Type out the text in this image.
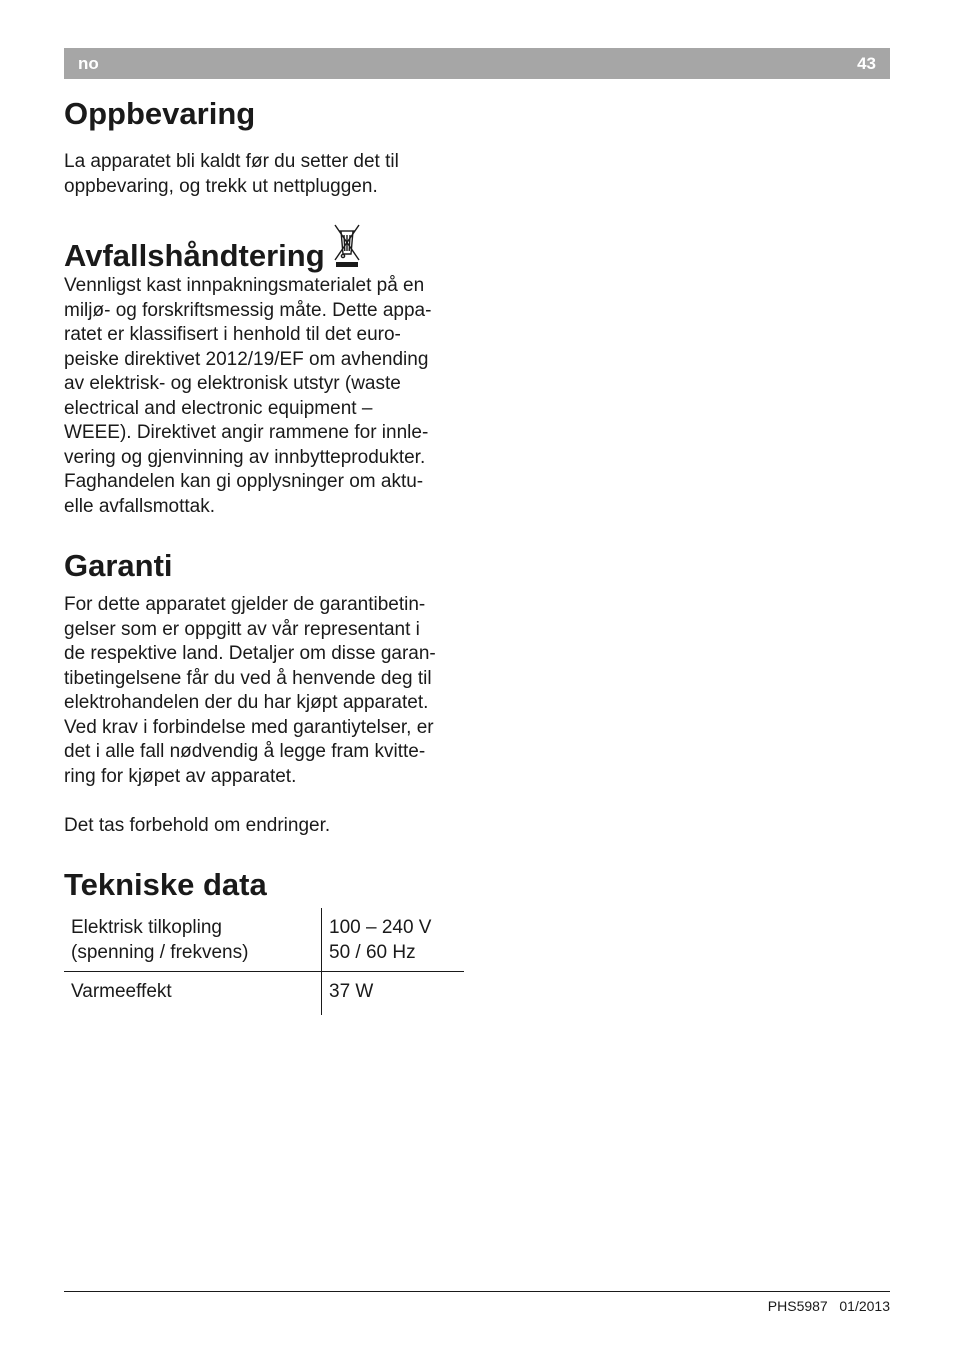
no	43
Oppbevaring

La apparatet bli kaldt før du setter det til
oppbevaring, og trekk ut nettpluggen.

Avfallshåndtering

Vennligst kast innpakningsmaterialet på en
miljø- og forskriftsmessig måte. Dette appa-
ratet er klassifisert i henhold til det euro-
peiske direktivet 2012/19/EF om avhending
av elektrisk- og elektronisk utstyr (waste
electrical and electronic equipment –
WEEE). Direktivet angir rammene for innle-
vering og gjenvinning av innbytteprodukter.
Faghandelen kan gi opplysninger om aktu-
elle avfallsmottak.

Garanti

For dette apparatet gjelder de garantibetin-
gelser som er oppgitt av vår representant i
de respektive land. Detaljer om disse garan-
tibetingelsene får du ved å henvende deg til
elektrohandelen der du har kjøpt apparatet.
Ved krav i forbindelse med garantiytelser, er
det i alle fall nødvendig å legge fram kvitte-
ring for kjøpet av apparatet.

Det tas forbehold om endringer.

Tekniske data
Elektrisk tilkopling
(spenning / frekvens)
100 – 240 V
50 / 60 Hz
Varmeeffekt	37 W
PHS5987 01/2013
